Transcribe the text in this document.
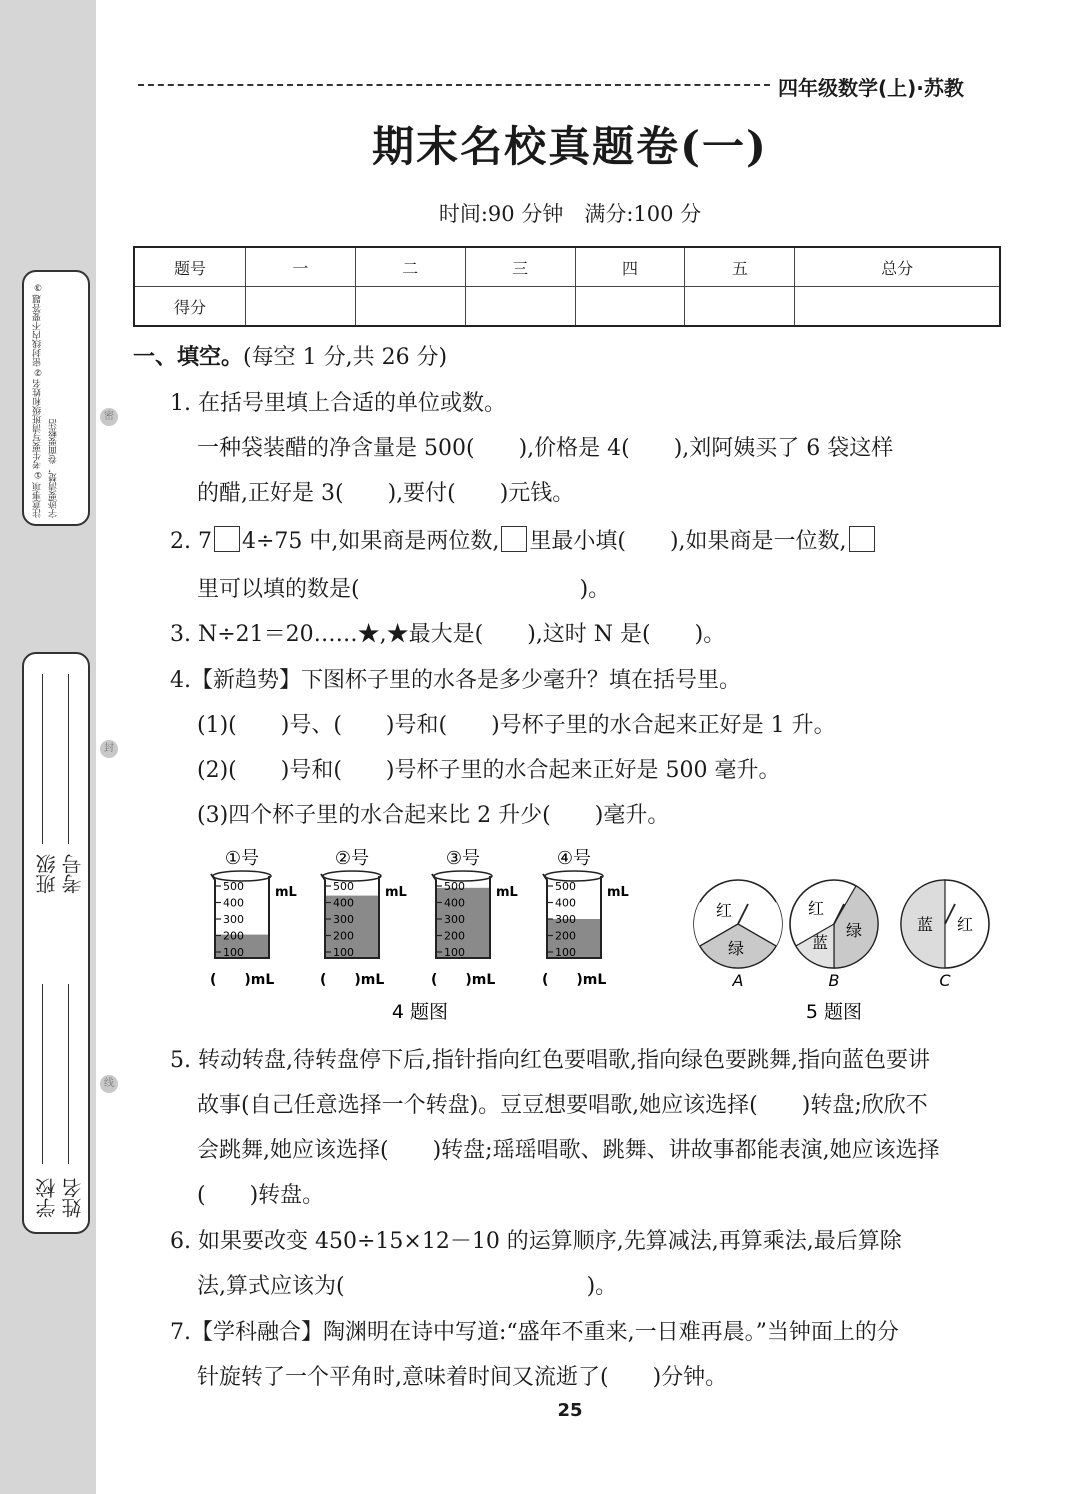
密
封
线
注意事项 ①考生要写清班级和姓名 ②密封线内不要答题 ③字迹要清楚，卷面要整洁
学校 姓名
班级 考号
四年级数学(上)·苏教
期末名校真题卷(一)
时间:90 分钟　满分:100 分
题号	一	二	三	四	五	总分
得分						
一、填空。(每空 1 分,共 26 分)
1. 在括号里填上合适的单位或数。
一种袋装醋的净含量是 500(　　),价格是 4(　　),刘阿姨买了 6 袋这样
的醋,正好是 3(　　),要付(　　)元钱。
2. 7 4÷75 中,如果商是两位数, 里最小填(　　),如果商是一位数,
里可以填的数是(　　　　　　　　　　)。
3. N÷21＝20……★,★最大是(　　),这时 N 是(　　)。
4.【新趋势】下图杯子里的水各是多少毫升？填在括号里。
(1)(　　)号、(　　)号和(　　)号杯子里的水合起来正好是 1 升。
(2)(　　)号和(　　)号杯子里的水合起来正好是 500 毫升。
(3)四个杯子里的水合起来比 2 升少(　　)毫升。
①号
500
400
300
200
100
mL
(　　)mL
②号
500
400
300
200
100
mL
(　　)mL
③号
500
400
300
200
100
mL
(　　)mL
④号
500
400
300
200
100
mL
(　　)mL
4 题图
红
绿
A
红
蓝
绿
B
蓝 红
C
5 题图
5. 转动转盘,待转盘停下后,指针指向红色要唱歌,指向绿色要跳舞,指向蓝色要讲
故事(自己任意选择一个转盘)。豆豆想要唱歌,她应该选择(　　)转盘;欣欣不
会跳舞,她应该选择(　　)转盘;瑶瑶唱歌、跳舞、讲故事都能表演,她应该选择
(　　)转盘。
6. 如果要改变 450÷15×12－10 的运算顺序,先算减法,再算乘法,最后算除
法,算式应该为(　　　　　　　　　　　)。
7.【学科融合】陶渊明在诗中写道:“盛年不重来,一日难再晨。”当钟面上的分
针旋转了一个平角时,意味着时间又流逝了(　　)分钟。
25
